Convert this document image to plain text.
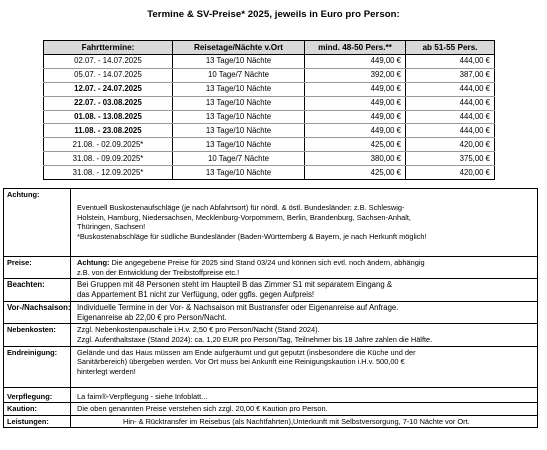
Termine & SV-Preise* 2025, jeweils in Euro pro Person:
Fahrttermine:	Reisetage/Nächte v.Ort	mind. 48-50 Pers.**	ab 51-55 Pers.
02.07. - 14.07.2025	13 Tage/10 Nächte	449,00 €	444,00 €
05.07. - 14.07.2025	10 Tage/7 Nächte	392,00 €	387,00 €
12.07. - 24.07.2025	13 Tage/10 Nächte	449,00 €	444,00 €
22.07. - 03.08.2025	13 Tage/10 Nächte	449,00 €	444,00 €
01.08. - 13.08.2025	13 Tage/10 Nächte	449,00 €	444,00 €
11.08. - 23.08.2025	13 Tage/10 Nächte	449,00 €	444,00 €
21.08. - 02.09.2025*	13 Tage/10 Nächte	425,00 €	420,00 €
31.08. - 09.09.2025*	10 Tage/7 Nächte	380,00 €	375,00 €
31.08. - 12.09.2025*	13 Tage/10 Nächte	425,00 €	420,00 €
Achtung:	Eventuell Buskostenaufschläge (je nach Abfahrtsort) für nördl. & östl. Bundesländer: z.B. Schleswig-
Holstein, Hamburg, Niedersachsen, Mecklenburg-Vorpommern, Berlin, Brandenburg, Sachsen-Anhalt,
Thüringen, Sachsen!
*Buskostenabschläge für südliche Bundesländer (Baden-Württemberg & Bayern, je nach Herkunft möglich!

Preise:	Achtung: Die angegebene Preise für 2025 sind Stand 03/24 und können sich evtl. noch ändern, abhängig
z.B. von der Entwicklung der Treibstoffpreise etc.!

Beachten:	Bei Gruppen mit 48 Personen steht im Haupteil B das Zimmer S1 mit separatem Eingang &
das Appartement B1 nicht zur Verfügung, oder ggfls. gegen Aufpreis!

Vor-/Nachsaison:	Individuelle Termine in der Vor- & Nachsaison mit Bustransfer oder Eigenanreise auf Anfrage.
Eigenanreise ab 22,00 € pro Person/Nacht.

Nebenkosten:	Zzgl. Nebenkostenpauschale i.H.v. 2,50 € pro Person/Nacht (Stand 2024).
Zzgl. Aufenthaltstaxe (Stand 2024): ca. 1,20 EUR pro Person/Tag, Teilnehmer bis 18 Jahre zahlen die Hälfte.

Endreinigung:	Gelände und das Haus müssen am Ende aufgeräumt und gut geputzt (insbesondere die Küche und der
Sanitärbereich) übergeben werden. Vor Ort muss bei Ankunft eine Reinigungskaution i.H.v. 500,00 €
hinterlegt werden!

Verpflegung:	La faim®-Verpflegung - siehe Infoblatt...

Kaution:	Die oben genannten Preise verstehen sich zzgl. 20,00 € Kaution pro Person.

Leistungen:	Hin- & Rücktransfer im Reisebus (als Nachtfahrten),Unterkunft mit Selbstversorgung, 7-10 Nächte vor Ort.
